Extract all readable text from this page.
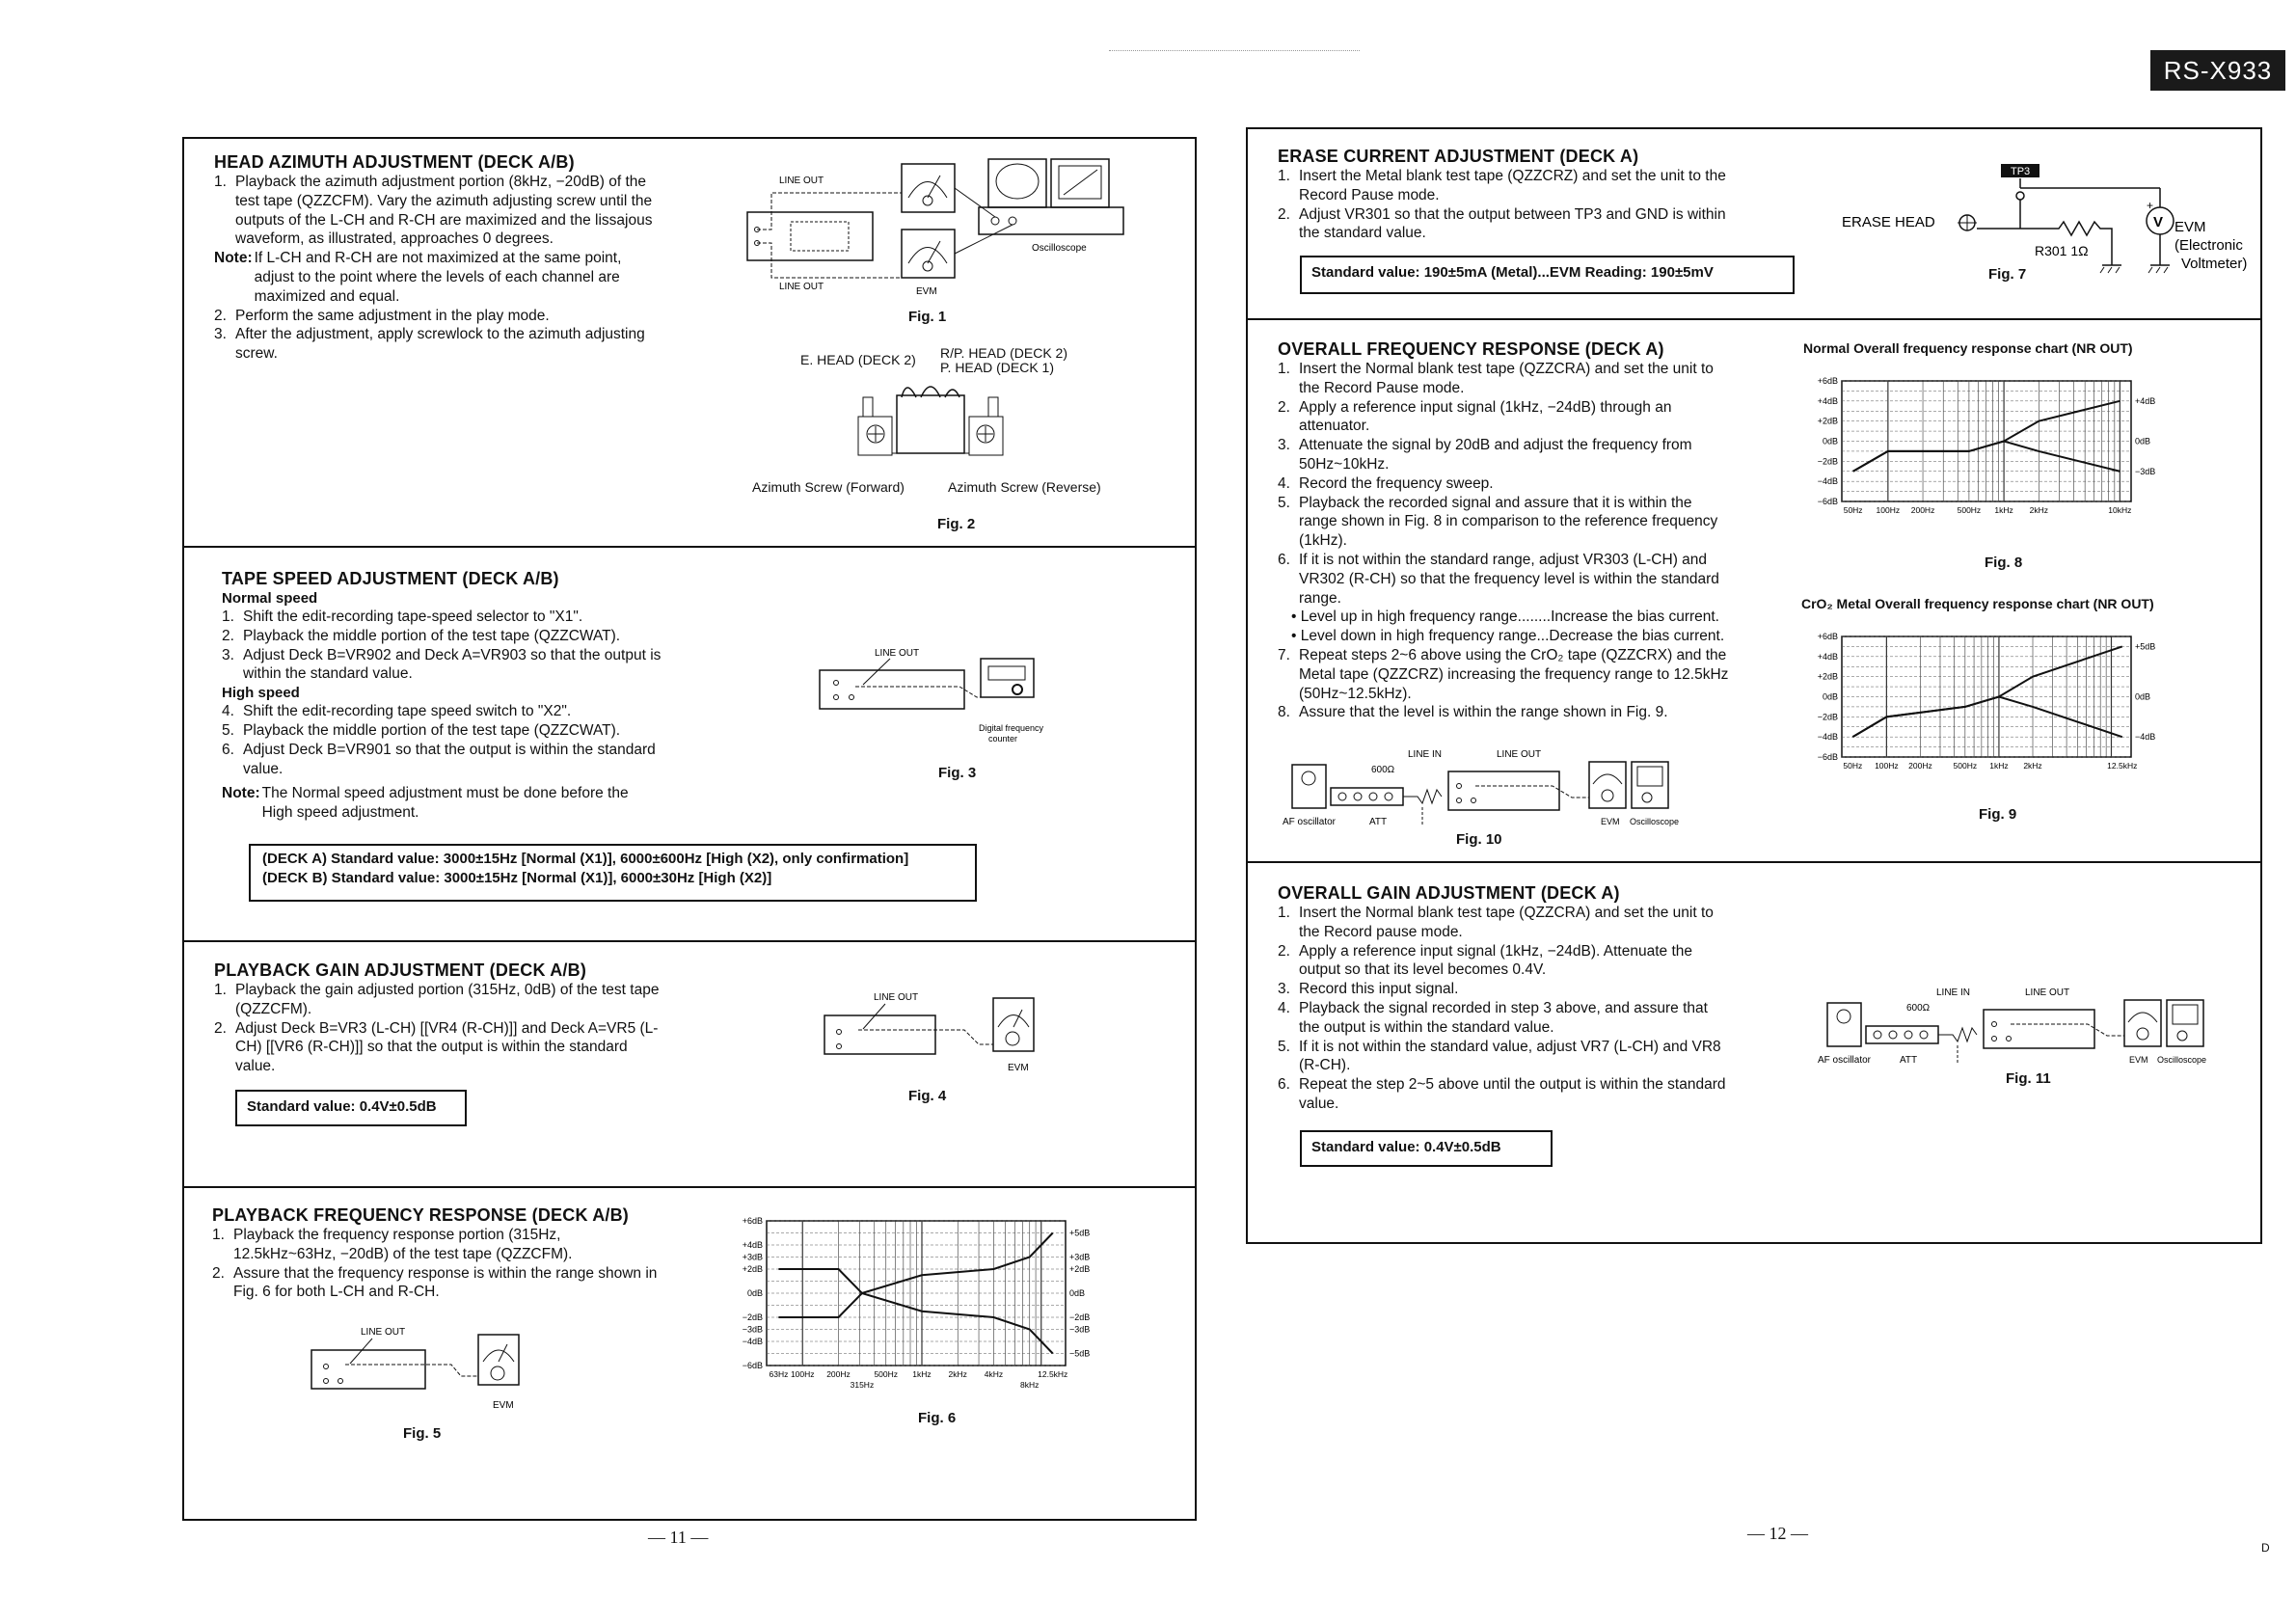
RS-X933
HEAD AZIMUTH ADJUSTMENT (DECK A/B)
1. Playback the azimuth adjustment portion (8kHz, −20dB) of the test tape (QZZCFM). Vary the azimuth adjusting screw until the outputs of the L-CH and R-CH are maximized and the lissajous waveform, as illustrated, approaches 0 degrees.
Note: If L-CH and R-CH are not maximized at the same point, adjust to the point where the levels of each channel are maximized and equal.
2. Perform the same adjustment in the play mode.
3. After the adjustment, apply screwlock to the azimuth adjusting screw.
LINE OUT
LINE OUT
Oscilloscope
EVM
Fig. 1
E. HEAD (DECK 2) R/P. HEAD (DECK 2)
P. HEAD (DECK 1)
Azimuth Screw (Forward)	Azimuth Screw (Reverse)
Fig. 2
TAPE SPEED ADJUSTMENT (DECK A/B)
Normal speed
1. Shift the edit-recording tape-speed selector to "X1".
2. Playback the middle portion of the test tape (QZZCWAT).
3. Adjust Deck B=VR902 and Deck A=VR903 so that the output is within the standard value.
High speed
4. Shift the edit-recording tape speed switch to "X2".
5. Playback the middle portion of the test tape (QZZCWAT).
6. Adjust Deck B=VR901 so that the output is within the standard value.
Note: The Normal speed adjustment must be done before the High speed adjustment.
LINE OUT
Digital frequency
counter
Fig. 3
(DECK A) Standard value: 3000±15Hz [Normal (X1)], 6000±600Hz [High (X2), only confirmation]
(DECK B) Standard value: 3000±15Hz [Normal (X1)], 6000±30Hz [High (X2)]
PLAYBACK GAIN ADJUSTMENT (DECK A/B)
1. Playback the gain adjusted portion (315Hz, 0dB) of the test tape (QZZCFM).
2. Adjust Deck B=VR3 (L-CH) [[VR4 (R-CH)]] and Deck A=VR5 (L-CH) [[VR6 (R-CH)]] so that the output is within the standard value.
Standard value: 0.4V±0.5dB
LINE OUT
EVM
Fig. 4
PLAYBACK FREQUENCY RESPONSE (DECK A/B)
1. Playback the frequency response portion (315Hz, 12.5kHz~63Hz, −20dB) of the test tape (QZZCFM).
2. Assure that the frequency response is within the range shown in Fig. 6 for both L-CH and R-CH.
LINE OUT
EVM
Fig. 5
+6dB
+4dB
+3dB
+2dB
0dB
−2dB
−3dB
−4dB
−6dB
+5dB
+3dB
+2dB
0dB
−2dB
−3dB
−5dB
63Hz 100Hz 200Hz	500Hz 1kHz 2kHz 4kHz	12.5kHz
315Hz	8kHz
Fig. 6
ERASE CURRENT ADJUSTMENT (DECK A)
1. Insert the Metal blank test tape (QZZCRZ) and set the unit to the Record Pause mode.
2. Adjust VR301 so that the output between TP3 and GND is within the standard value.
Standard value: 190±5mA (Metal)...EVM Reading: 190±5mV
TP3
ERASE HEAD
R301 1Ω
V
+
EVM
(Electronic
Voltmeter)
Fig. 7
OVERALL FREQUENCY RESPONSE (DECK A)
1. Insert the Normal blank test tape (QZZCRA) and set the unit to the Record Pause mode.
2. Apply a reference input signal (1kHz, −24dB) through an attenuator.
3. Attenuate the signal by 20dB and adjust the frequency from 50Hz~10kHz.
4. Record the frequency sweep.
5. Playback the recorded signal and assure that it is within the range shown in Fig. 8 in comparison to the reference frequency (1kHz).
6. If it is not within the standard range, adjust VR303 (L-CH) and VR302 (R-CH) so that the frequency level is within the standard range.
• Level up in high frequency range........Increase the bias current.
• Level down in high frequency range...Decrease the bias current.
7. Repeat steps 2~6 above using the CrO₂ tape (QZZCRX) and the Metal tape (QZZCRZ) increasing the frequency range to 12.5kHz (50Hz~12.5kHz).
8. Assure that the level is within the range shown in Fig. 9.
LINE IN	LINE OUT
600Ω
AF oscillator	ATT	EVM Oscilloscope
Fig. 10
Normal Overall frequency response chart (NR OUT)
+6dB
+4dB
+2dB
0dB
−2dB
−4dB
−6dB
+4dB
0dB
−3dB
50Hz 100Hz 200Hz	500Hz 1kHz 2kHz	10kHz
Fig. 8
CrO₂ Metal Overall frequency response chart (NR OUT)
+6dB
+4dB
+2dB
0dB
−2dB
−4dB
−6dB
+5dB
0dB
−4dB
50Hz 100Hz 200Hz	500Hz 1kHz 2kHz	12.5kHz
Fig. 9
OVERALL GAIN ADJUSTMENT (DECK A)
1. Insert the Normal blank test tape (QZZCRA) and set the unit to the Record pause mode.
2. Apply a reference input signal (1kHz, −24dB). Attenuate the output so that its level becomes 0.4V.
3. Record this input signal.
4. Playback the signal recorded in step 3 above, and assure that the output is within the standard value.
5. If it is not within the standard value, adjust VR7 (L-CH) and VR8 (R-CH).
6. Repeat the step 2~5 above until the output is within the standard value.
Standard value: 0.4V±0.5dB
LINE IN	LINE OUT
600Ω
AF oscillator	ATT	EVM Oscilloscope
Fig. 11
— 11 —	— 12 —
D
